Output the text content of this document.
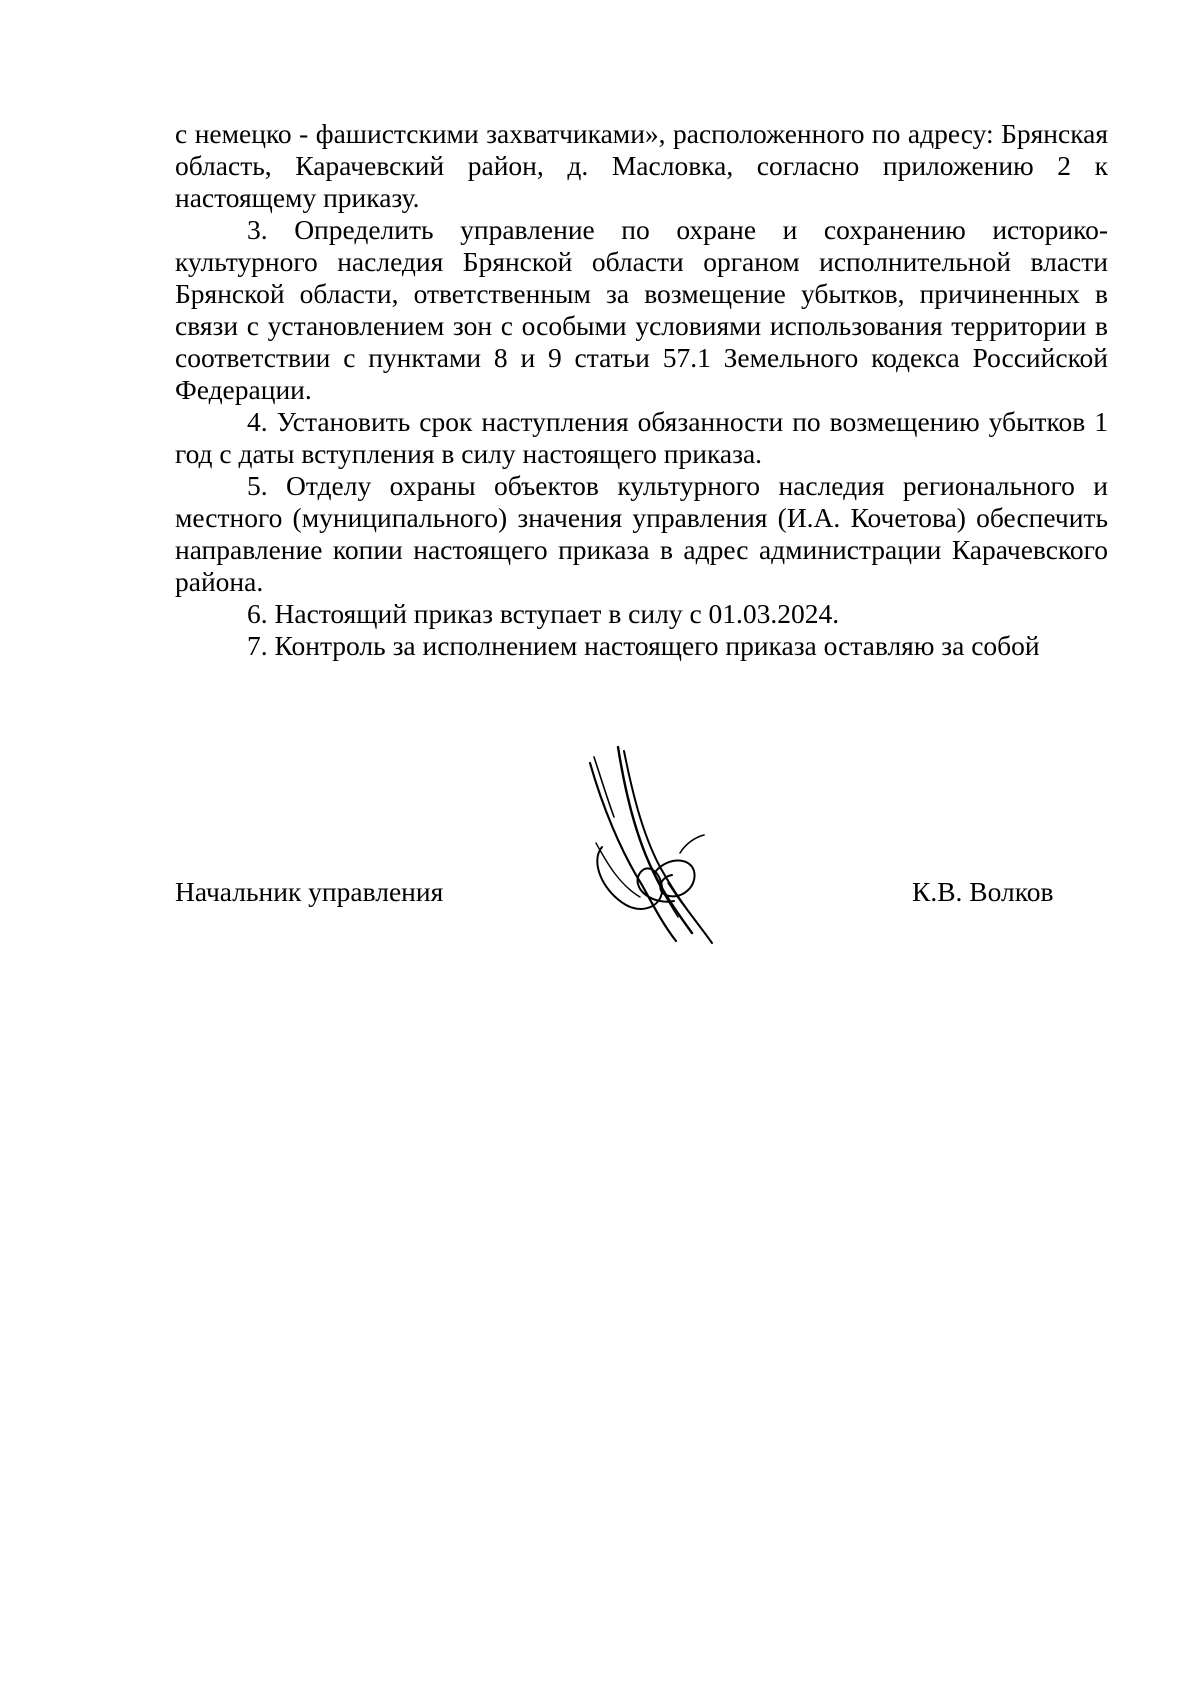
с немецко - фашистскими захватчиками», расположенного по адресу: Брянская область, Карачевский район, д. Масловка, согласно приложению 2 к настоящему приказу.

3. Определить управление по охране и сохранению историко-культурного наследия Брянской области органом исполнительной власти Брянской области, ответственным за возмещение убытков, причиненных в связи с установлением зон с особыми условиями использования территории в соответствии с пунктами 8 и 9 статьи 57.1 Земельного кодекса Российской Федерации.

4. Установить срок наступления обязанности по возмещению убытков 1 год с даты вступления в силу настоящего приказа.

5. Отделу охраны объектов культурного наследия регионального и местного (муниципального) значения управления (И.А. Кочетова) обеспечить направление копии настоящего приказа в адрес администрации Карачевского района.

6. Настоящий приказ вступает в силу с 01.03.2024.

7. Контроль за исполнением настоящего приказа оставляю за собой

Начальник управления	К.В. Волков
